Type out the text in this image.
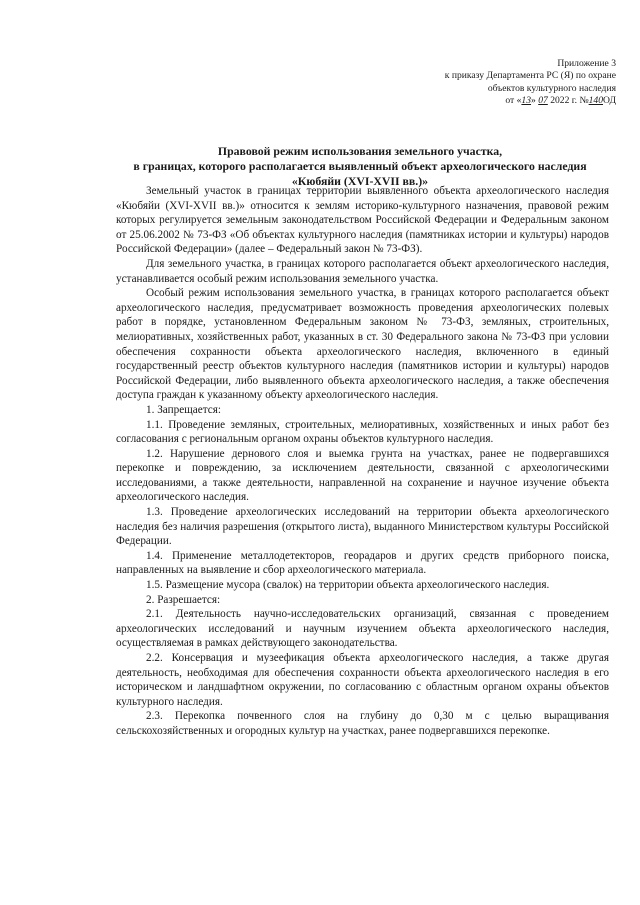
Приложение 3
к приказу Департамента РС (Я) по охране
объектов культурного наследия
от «13» 07 2022 г. №140ОД
Правовой режим использования земельного участка,
в границах, которого располагается выявленный объект археологического наследия
«Кюбяйи (XVI-XVII вв.)»

Земельный участок в границах территории выявленного объекта археологического наследия «Кюбяйи (XVI-XVII вв.)» относится к землям историко-культурного назначения, правовой режим которых регулируется земельным законодательством Российской Федерации и Федеральным законом от 25.06.2002 № 73-ФЗ «Об объектах культурного наследия (памятниках истории и культуры) народов Российской Федерации» (далее – Федеральный закон № 73-ФЗ).

Для земельного участка, в границах которого располагается объект археологического наследия, устанавливается особый режим использования земельного участка.

Особый режим использования земельного участка, в границах которого располагается объект археологического наследия, предусматривает возможность проведения археологических полевых работ в порядке, установленном Федеральным законом № 73-ФЗ, земляных, строительных, мелиоративных, хозяйственных работ, указанных в ст. 30 Федерального закона № 73-ФЗ при условии обеспечения сохранности объекта археологического наследия, включенного в единый государственный реестр объектов культурного наследия (памятников истории и культуры) народов Российской Федерации, либо выявленного объекта археологического наследия, а также обеспечения доступа граждан к указанному объекту археологического наследия.

1. Запрещается:

1.1. Проведение земляных, строительных, мелиоративных, хозяйственных и иных работ без согласования с региональным органом охраны объектов культурного наследия.

1.2. Нарушение дернового слоя и выемка грунта на участках, ранее не подвергавшихся перекопке и повреждению, за исключением деятельности, связанной с археологическими исследованиями, а также деятельности, направленной на сохранение и научное изучение объекта археологического наследия.

1.3. Проведение археологических исследований на территории объекта археологического наследия без наличия разрешения (открытого листа), выданного Министерством культуры Российской Федерации.

1.4. Применение металлодетекторов, георадаров и других средств приборного поиска, направленных на выявление и сбор археологического материала.

1.5. Размещение мусора (свалок) на территории объекта археологического наследия.

2. Разрешается:

2.1. Деятельность научно-исследовательских организаций, связанная с проведением археологических исследований и научным изучением объекта археологического наследия, осуществляемая в рамках действующего законодательства.

2.2. Консервация и музеефикация объекта археологического наследия, а также другая деятельность, необходимая для обеспечения сохранности объекта археологического наследия в его историческом и ландшафтном окружении, по согласованию с областным органом охраны объектов культурного наследия.

2.3. Перекопка почвенного слоя на глубину до 0,30 м с целью выращивания сельскохозяйственных и огородных культур на участках, ранее подвергавшихся перекопке.
